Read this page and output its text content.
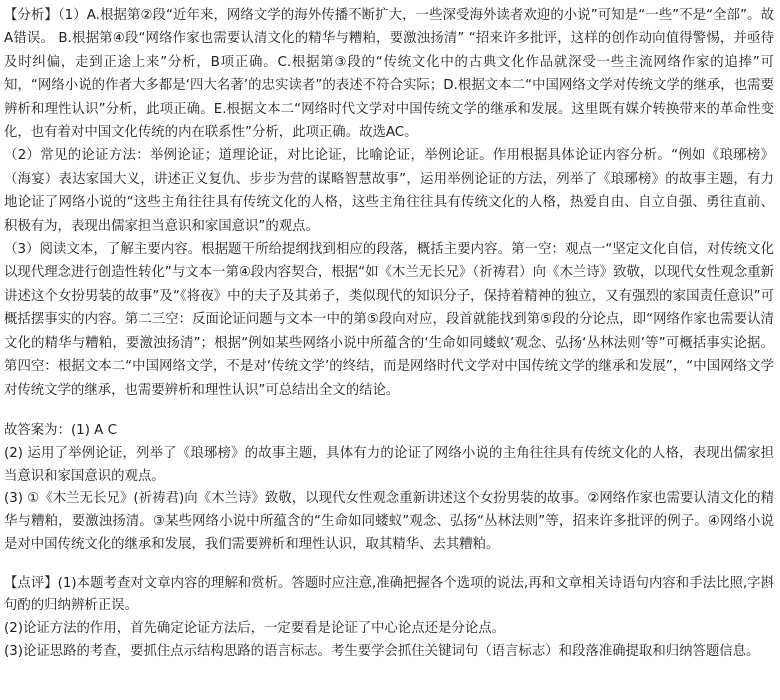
【分析】（1）A.根据第②段“近年来，网络文学的海外传播不断扩大，一些深受海外读者欢迎的小说”可知是“一些”不是“全部”。故A错误。 B.根据第④段“网络作家也需要认清文化的精华与糟粕，要激浊扬清” “招来许多批评，这样的创作动向值得警惕，并亟待及时纠偏，走到正途上来”分析，B项正确。C.根据第③段的“传统文化中的古典文化作品就深受一些主流网络作家的追捧”可知，“网络小说的作者大多都是‘四大名著’的忠实读者”的表述不符合实际；D.根据文本二“中国网络文学对传统文学的继承，也需要辨析和理性认识”分析，此项正确。E.根据文本二“网络时代文学对中国传统文学的继承和发展。这里既有媒介转换带来的革命性变化，也有着对中国文化传统的内在联系性”分析，此项正确。故选AC。

（2）常见的论证方法：举例论证；道理论证，对比论证，比喻论证，举例论证。作用根据具体论证内容分析。“例如《琅琊榜》（海宴）表达家国大义，讲述正义复仇、步步为营的谋略智慧故事”，运用举例论证的方法，列举了《琅琊榜》的故事主题，有力地论证了网络小说的“这些主角往往具有传统文化的人格，这些主角往往具有传统文化的人格，热爱自由、自立自强、勇往直前、积极有为，表现出儒家担当意识和家国意识”的观点。

（3）阅读文本，了解主要内容。根据题干所给提纲找到相应的段落，概括主要内容。第一空：观点一“坚定文化自信，对传统文化以现代理念进行创造性转化”与文本一第④段内容契合，根据“如《木兰无长兄》（祈祷君）向《木兰诗》致敬，以现代女性观念重新讲述这个女扮男装的故事”及“《将夜》中的夫子及其弟子，类似现代的知识分子，保持着精神的独立，又有强烈的家国责任意识”可概括摆事实的内容。第二三空：反面论证问题与文本一中的第⑤段向对应，段首就能找到第⑤段的分论点，即“网络作家也需要认清文化的精华与糟粕，要激浊扬清”；根据“例如某些网络小说中所蕴含的‘生命如同蝼蚁’观念、弘扬‘丛林法则’等”可概括事实论据。第四空：根据文本二“中国网络文学，不是对‘传统文学’的终结，而是网络时代文学对中国传统文学的继承和发展”，“中国网络文学对传统文学的继承，也需要辨析和理性认识”可总结出全文的结论。

故答案为：(1) A C

(2) 运用了举例论证，列举了《琅琊榜》的故事主题，具体有力的论证了网络小说的主角往往具有传统文化的人格，表现出儒家担当意识和家国意识的观点。

(3) ①《木兰无长兄》(祈祷君)向《木兰诗》致敬，以现代女性观念重新讲述这个女扮男装的故事。②网络作家也需要认清文化的精华与糟粕，要激浊扬清。③某些网络小说中所蕴含的“生命如同蝼蚁”观念、弘扬“丛林法则”等，招来许多批评的例子。④网络小说是对中国传统文化的继承和发展，我们需要辨析和理性认识，取其精华、去其糟粕。

【点评】(1)本题考查对文章内容的理解和赏析。答题时应注意,准确把握各个选项的说法,再和文章相关诗语句内容和手法比照,字斟句酌的归纳辨析正误。

(2)论证方法的作用，首先确定论证方法后，一定要看是论证了中心论点还是分论点。

(3)论证思路的考查，要抓住点示结构思路的语言标志。考生要学会抓住关键词句（语言标志）和段落准确提取和归纳答题信息。
